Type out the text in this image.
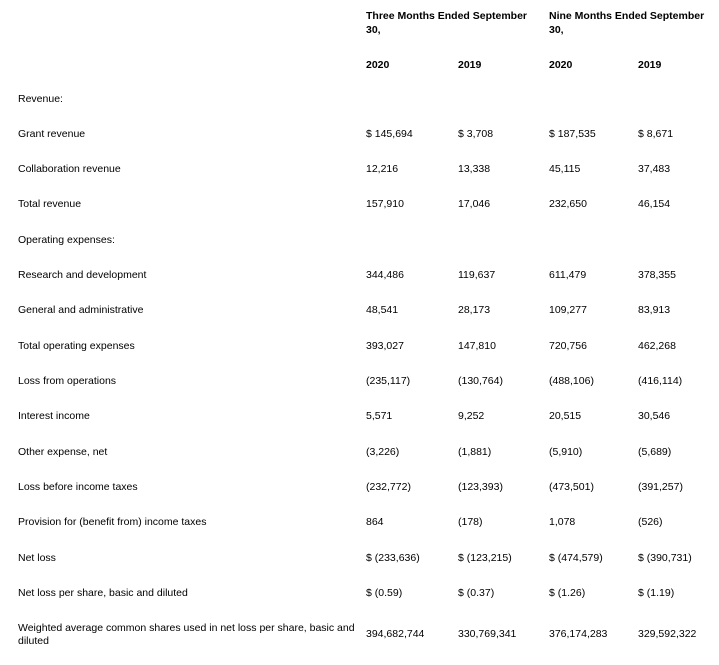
Three Months Ended September 30,
Nine Months Ended September 30,
2020	2019	2020	2019
Revenue:
Grant revenue	$ 145,694	$ 3,708	$ 187,535	$ 8,671
Collaboration revenue	12,216	13,338	45,115	37,483
Total revenue	157,910	17,046	232,650	46,154
Operating expenses:
Research and development	344,486	119,637	611,479	378,355
General and administrative	48,541	28,173	109,277	83,913
Total operating expenses	393,027	147,810	720,756	462,268
Loss from operations	(235,117)	(130,764)	(488,106)	(416,114)
Interest income	5,571	9,252	20,515	30,546
Other expense, net	(3,226)	(1,881)	(5,910)	(5,689)
Loss before income taxes	(232,772)	(123,393)	(473,501)	(391,257)
Provision for (benefit from) income taxes	864	(178)	1,078	(526)
Net loss	$ (233,636)	$ (123,215)	$ (474,579)	$ (390,731)
Net loss per share, basic and diluted	$ (0.59)	$ (0.37)	$ (1.26)	$ (1.19)
Weighted average common shares used in net loss per share, basic and diluted
394,682,744	330,769,341	376,174,283	329,592,322
